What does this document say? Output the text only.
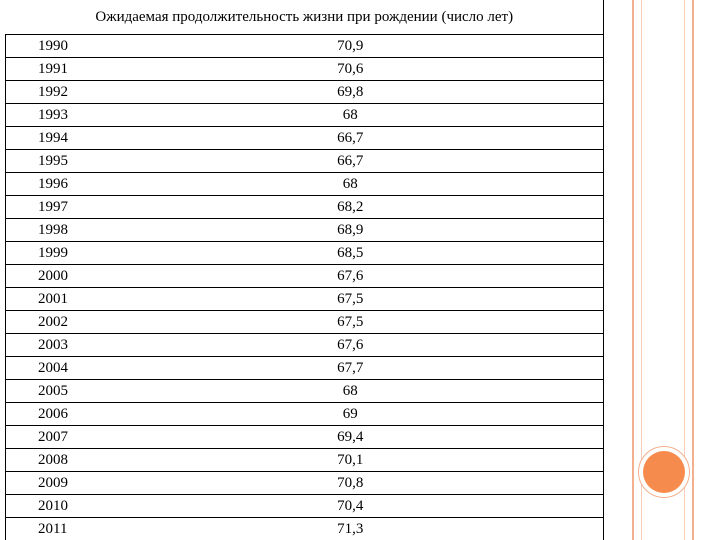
Ожидаемая продолжительность жизни при рождении (число лет)	
1990	70,9
1991	70,6
1992	69,8
1993	68
1994	66,7
1995	66,7
1996	68
1997	68,2
1998	68,9
1999	68,5
2000	67,6
2001	67,5
2002	67,5
2003	67,6
2004	67,7
2005	68
2006	69
2007	69,4
2008	70,1
2009	70,8
2010	70,4
2011	71,3
